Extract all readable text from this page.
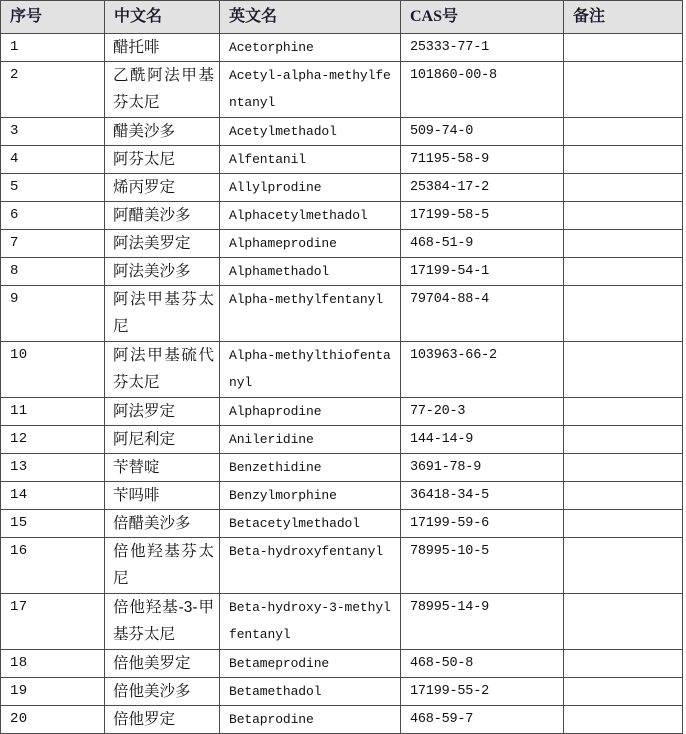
序号	中文名	英文名	CAS号	备注

1	醋托啡	Acetorphine	25333-77-1	

2	乙酰阿法甲基
芬太尼	Acetyl-alpha-methylfe
ntanyl	101860-00-8	

3	醋美沙多	Acetylmethadol	509-74-0	

4	阿芬太尼	Alfentanil	71195-58-9	

5	烯丙罗定	Allylprodine	25384-17-2	

6	阿醋美沙多	Alphacetylmethadol	17199-58-5	

7	阿法美罗定	Alphameprodine	468-51-9	

8	阿法美沙多	Alphamethadol	17199-54-1	

9	阿法甲基芬太
尼	Alpha-methylfentanyl	79704-88-4	

10	阿法甲基硫代
芬太尼	Alpha-methylthiofenta
nyl	103963-66-2	

11	阿法罗定	Alphaprodine	77-20-3	

12	阿尼利定	Anileridine	144-14-9	

13	苄替啶	Benzethidine	3691-78-9	

14	苄吗啡	Benzylmorphine	36418-34-5	

15	倍醋美沙多	Betacetylmethadol	17199-59-6	

16	倍他羟基芬太
尼	Beta-hydroxyfentanyl	78995-10-5	

17	倍他羟基-3-甲
基芬太尼	Beta-hydroxy-3-methyl
fentanyl	78995-14-9	

18	倍他美罗定	Betameprodine	468-50-8	

19	倍他美沙多	Betamethadol	17199-55-2	

20	倍他罗定	Betaprodine	468-59-7	
